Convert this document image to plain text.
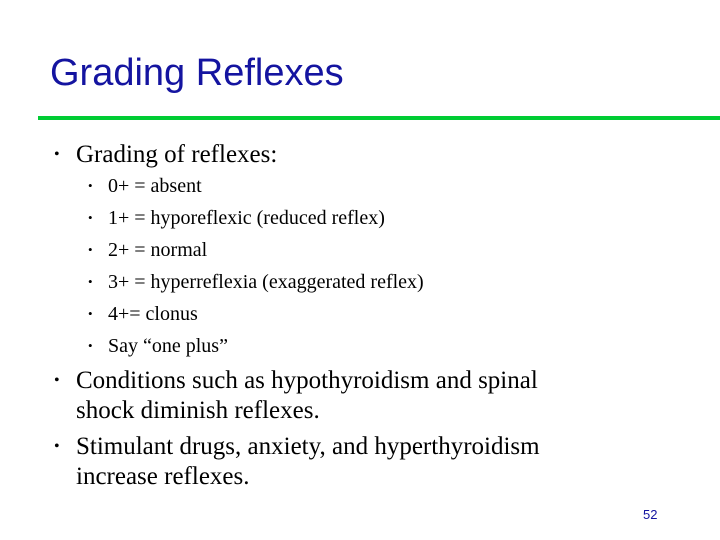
Grading Reflexes
• Grading of reflexes:
• 0+ = absent
• 1+ = hyporeflexic (reduced reflex)
• 2+ = normal
• 3+ = hyperreflexia (exaggerated reflex)
• 4+= clonus
• Say “one plus”
• Conditions such as hypothyroidism and spinal
shock diminish reflexes.
• Stimulant drugs, anxiety, and hyperthyroidism
increase reflexes.
52
